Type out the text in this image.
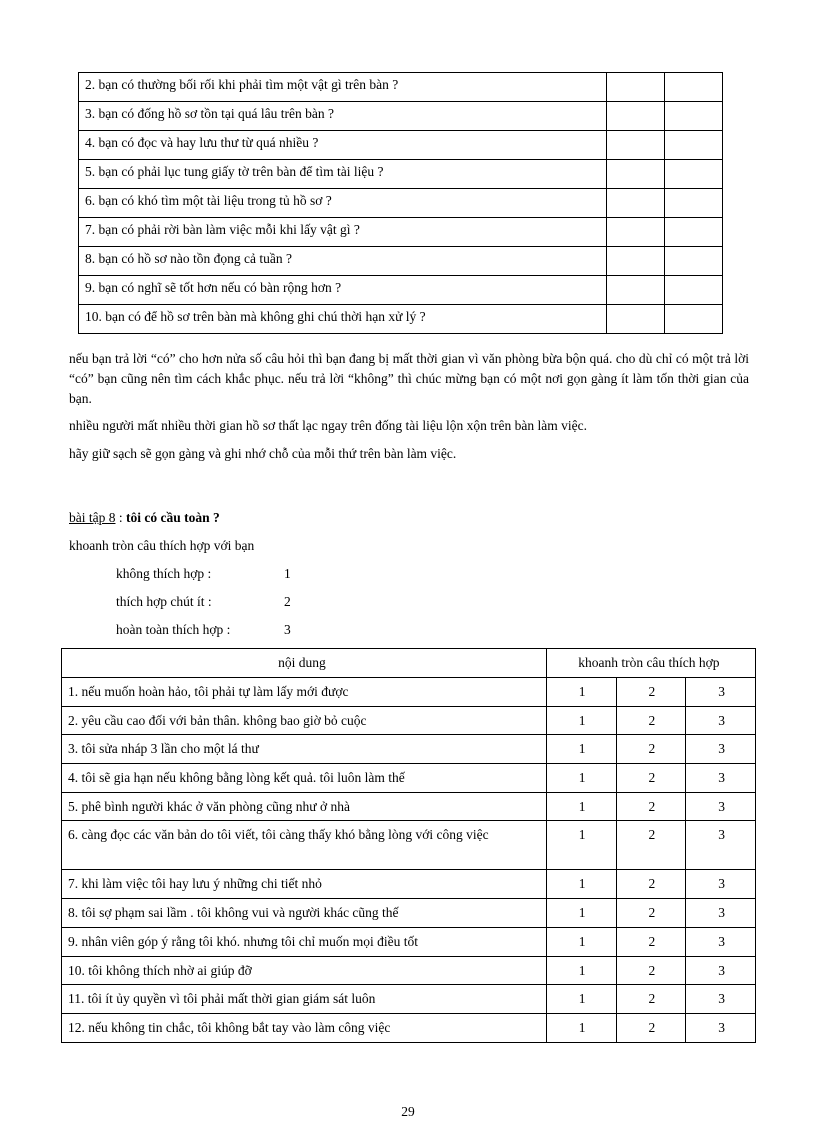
2. bạn có thường bối rối khi phải tìm một vật gì trên bàn ?		
3. bạn có đống hồ sơ tồn tại quá lâu trên bàn ?		
4. bạn có đọc và hay lưu thư từ quá nhiều ?		
5. bạn có phải lục tung giấy tờ trên bàn để tìm tài liệu ?		
6. bạn có khó tìm một tài liệu trong tủ hồ sơ ?		
7. bạn có phải rời bàn làm việc mỗi khi lấy vật gì ?		
8. bạn có hồ sơ nào tồn đọng cả tuần ?		
9. bạn có nghĩ sẽ tốt hơn nếu có bàn rộng hơn ?		
10. bạn có để hồ sơ trên bàn mà không ghi chú thời hạn xử lý ?		
nếu bạn trả lời “có” cho hơn nửa số câu hỏi thì bạn đang bị mất thời gian vì văn phòng bừa bộn quá. cho dù chỉ có một trả lời “có” bạn cũng nên tìm cách khắc phục. nếu trả lời “không” thì chúc mừng bạn có một nơi gọn gàng ít làm tốn thời gian của bạn.
nhiều người mất nhiều thời gian hồ sơ thất lạc ngay trên đống tài liệu lộn xộn trên bàn làm việc.
hãy giữ sạch sẽ gọn gàng và ghi nhớ chỗ của mỗi thứ trên bàn làm việc.
bài tập 8 : tôi có cầu toàn ?
khoanh tròn câu thích hợp với bạn
không thích hợp :	1
thích hợp chút ít :	2
hoàn toàn thích hợp :	3
nội dung	khoanh tròn câu thích hợp		
1. nếu muốn hoàn hảo, tôi phải tự làm lấy mới được	1	2	3
2. yêu cầu cao đối với bản thân. không bao giờ bỏ cuộc	1	2	3
3. tôi sửa nháp 3 lần cho một lá thư	1	2	3
4. tôi sẽ gia hạn nếu không bằng lòng kết quả. tôi luôn làm thế	1	2	3
5. phê bình người khác ở văn phòng cũng như ở nhà	1	2	3
6. càng đọc các văn bản do tôi viết, tôi càng thấy khó bằng lòng với công việc	1	2	3
7. khi làm việc tôi hay lưu ý những chi tiết nhỏ	1	2	3
8. tôi sợ phạm sai lầm . tôi không vui và người khác cũng thế	1	2	3
9. nhân viên góp ý rằng tôi khó. nhưng tôi chỉ muốn mọi điều tốt	1	2	3
10. tôi không thích nhờ ai giúp đỡ	1	2	3
11. tôi ít ủy quyền vì tôi phải mất thời gian giám sát luôn	1	2	3
12. nếu không tin chắc, tôi không bắt tay vào làm công việc	1	2	3
29
